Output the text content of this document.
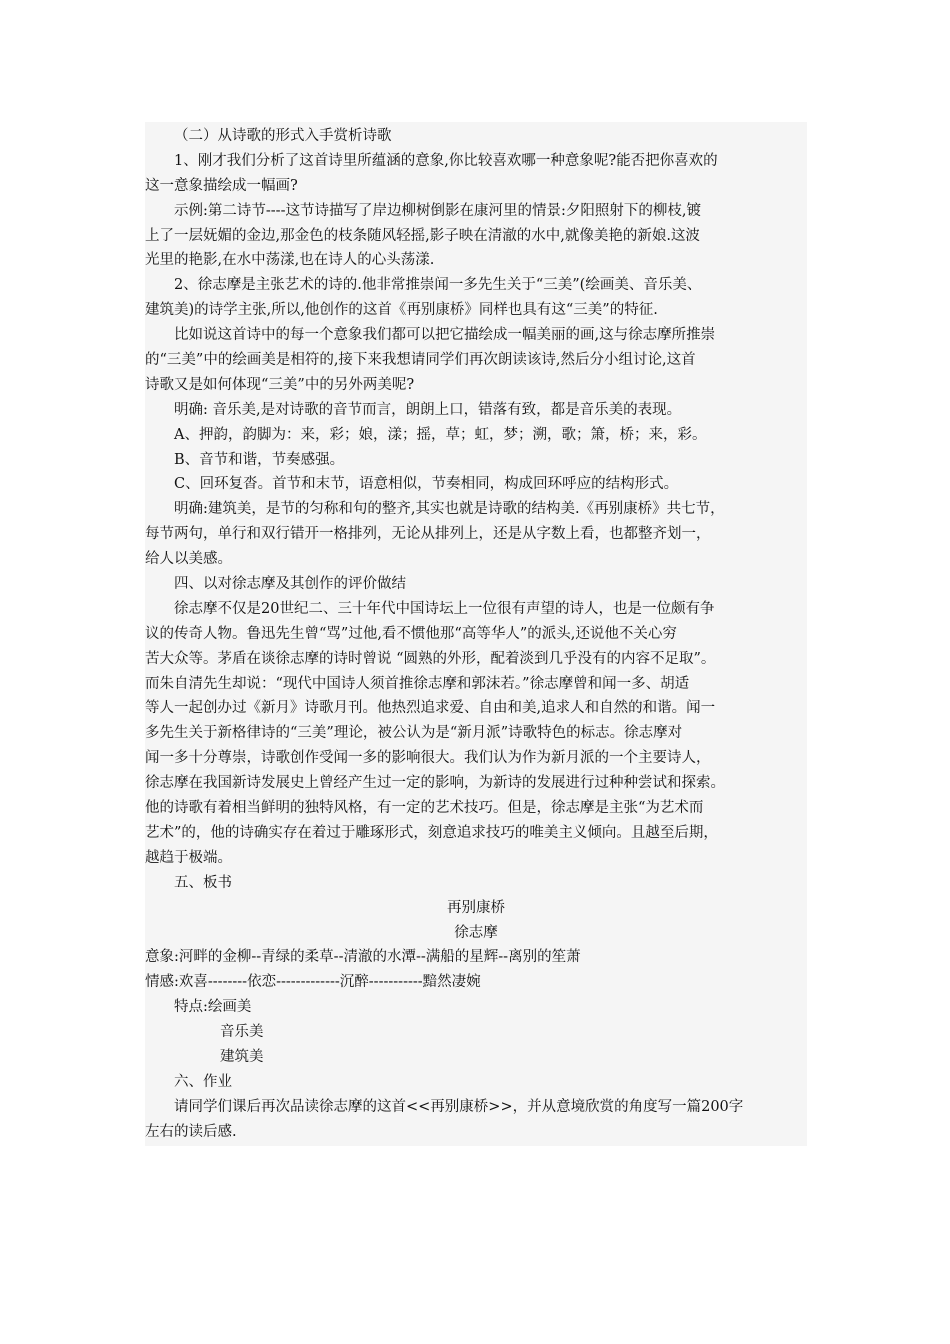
（二）从诗歌的形式入手赏析诗歌
1、刚才我们分析了这首诗里所蕴涵的意象,你比较喜欢哪一种意象呢?能否把你喜欢的
这一意象描绘成一幅画?
示例:第二诗节----这节诗描写了岸边柳树倒影在康河里的情景:夕阳照射下的柳枝,镀
上了一层妩媚的金边,那金色的枝条随风轻摇,影子映在清澈的水中,就像美艳的新娘.这波
光里的艳影,在水中荡漾,也在诗人的心头荡漾.
2、徐志摩是主张艺术的诗的.他非常推崇闻一多先生关于“三美”(绘画美、音乐美、
建筑美)的诗学主张,所以,他创作的这首《再别康桥》同样也具有这“三美”的特征.
比如说这首诗中的每一个意象我们都可以把它描绘成一幅美丽的画,这与徐志摩所推崇
的“三美”中的绘画美是相符的,接下来我想请同学们再次朗读该诗,然后分小组讨论,这首
诗歌又是如何体现“三美”中的另外两美呢?
明确: 音乐美,是对诗歌的音节而言，朗朗上口，错落有致，都是音乐美的表现。
A、押韵，韵脚为：来，彩；娘，漾；摇，草；虹，梦；溯，歌；箫，桥；来，彩。
B、音节和谐，节奏感强。
C、回环复沓。首节和末节，语意相似，节奏相同，构成回环呼应的结构形式。
明确:建筑美，是节的匀称和句的整齐,其实也就是诗歌的结构美.《再别康桥》共七节，
每节两句，单行和双行错开一格排列，无论从排列上，还是从字数上看，也都整齐划一，
给人以美感。
四、以对徐志摩及其创作的评价做结
徐志摩不仅是20世纪二、三十年代中国诗坛上一位很有声望的诗人，也是一位颇有争
议的传奇人物。鲁迅先生曾“骂”过他,看不惯他那“高等华人”的派头,还说他不关心穷
苦大众等。茅盾在谈徐志摩的诗时曾说 “圆熟的外形，配着淡到几乎没有的内容不足取”。
而朱自清先生却说：“现代中国诗人须首推徐志摩和郭沫若。”徐志摩曾和闻一多、胡适
等人一起创办过《新月》诗歌月刊。他热烈追求爱、自由和美,追求人和自然的和谐。闻一
多先生关于新格律诗的“三美”理论，被公认为是“新月派”诗歌特色的标志。徐志摩对
闻一多十分尊崇，诗歌创作受闻一多的影响很大。我们认为作为新月派的一个主要诗人，
徐志摩在我国新诗发展史上曾经产生过一定的影响，为新诗的发展进行过种种尝试和探索。
他的诗歌有着相当鲜明的独特风格，有一定的艺术技巧。但是，徐志摩是主张“为艺术而
艺术”的，他的诗确实存在着过于雕琢形式，刻意追求技巧的唯美主义倾向。且越至后期，
越趋于极端。
五、板书
再别康桥
徐志摩
意象:河畔的金柳--青绿的柔草--清澈的水潭--满船的星辉--离别的笙萧
情感:欢喜--------依恋-------------沉醉-----------黯然凄婉
特点:绘画美
音乐美
建筑美
六、作业
请同学们课后再次品读徐志摩的这首<<再别康桥>>，并从意境欣赏的角度写一篇200字
左右的读后感.
